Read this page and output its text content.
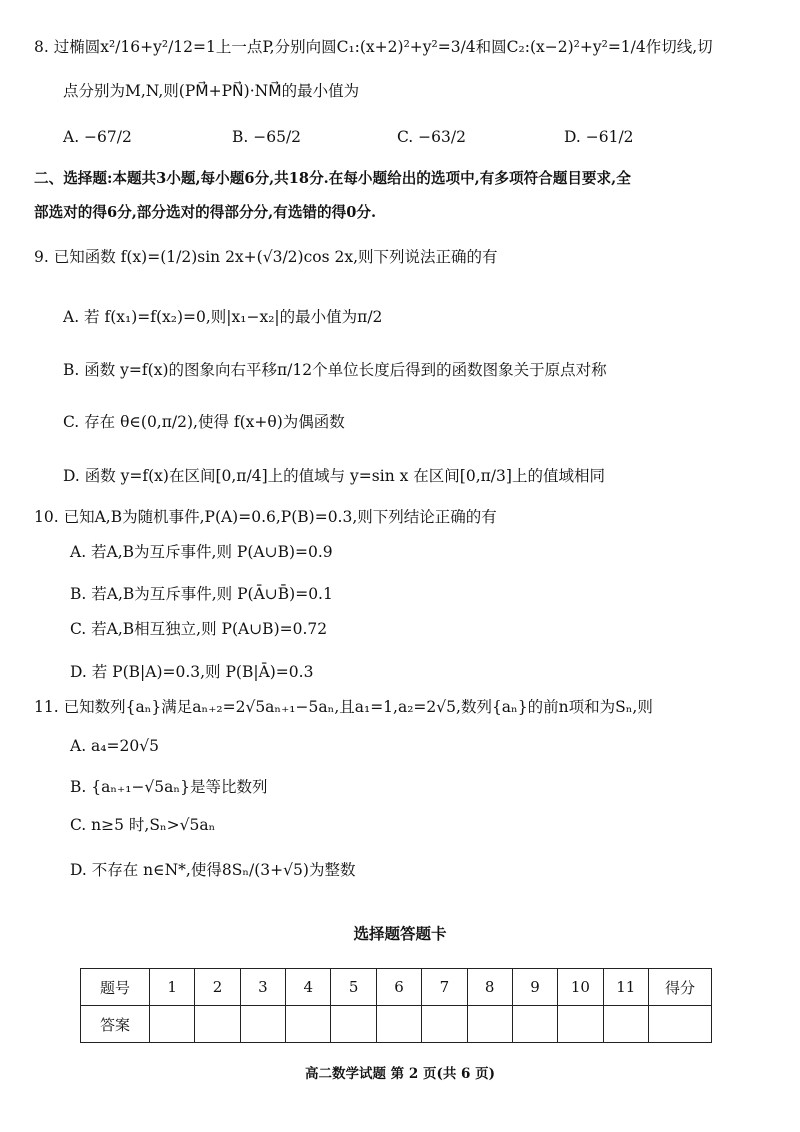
8. 过椭圆x²/16+y²/12=1上一点P,分别向圆C₁:(x+2)²+y²=3/4和圆C₂:(x−2)²+y²=1/4作切线,切
点分别为M,N,则(PM⃗+PN⃗)·NM⃗的最小值为
A. −67/2	B. −65/2	C. −63/2	D. −61/2
二、选择题:本题共3小题,每小题6分,共18分.在每小题给出的选项中,有多项符合题目要求,全
部选对的得6分,部分选对的得部分分,有选错的得0分.
9. 已知函数 f(x)=(1/2)sin 2x+(√3/2)cos 2x,则下列说法正确的有
A. 若 f(x₁)=f(x₂)=0,则|x₁−x₂|的最小值为π/2
B. 函数 y=f(x)的图象向右平移π/12个单位长度后得到的函数图象关于原点对称
C. 存在 θ∈(0,π/2),使得 f(x+θ)为偶函数
D. 函数 y=f(x)在区间[0,π/4]上的值域与 y=sin x 在区间[0,π/3]上的值域相同
10. 已知A,B为随机事件,P(A)=0.6,P(B)=0.3,则下列结论正确的有
A. 若A,B为互斥事件,则 P(A∪B)=0.9
B. 若A,B为互斥事件,则 P(Ā∪B̄)=0.1
C. 若A,B相互独立,则 P(A∪B)=0.72
D. 若 P(B|A)=0.3,则 P(B|Ā)=0.3
11. 已知数列{aₙ}满足aₙ₊₂=2√5aₙ₊₁−5aₙ,且a₁=1,a₂=2√5,数列{aₙ}的前n项和为Sₙ,则
A. a₄=20√5
B. {aₙ₊₁−√5aₙ}是等比数列
C. n≥5 时,Sₙ>√5aₙ
D. 不存在 n∈N*,使得8Sₙ/(3+√5)为整数
选择题答题卡
题号	1	2	3	4	5	6	7	8	9	10	11	得分
答案												
高二数学试题 第 2 页(共 6 页)
